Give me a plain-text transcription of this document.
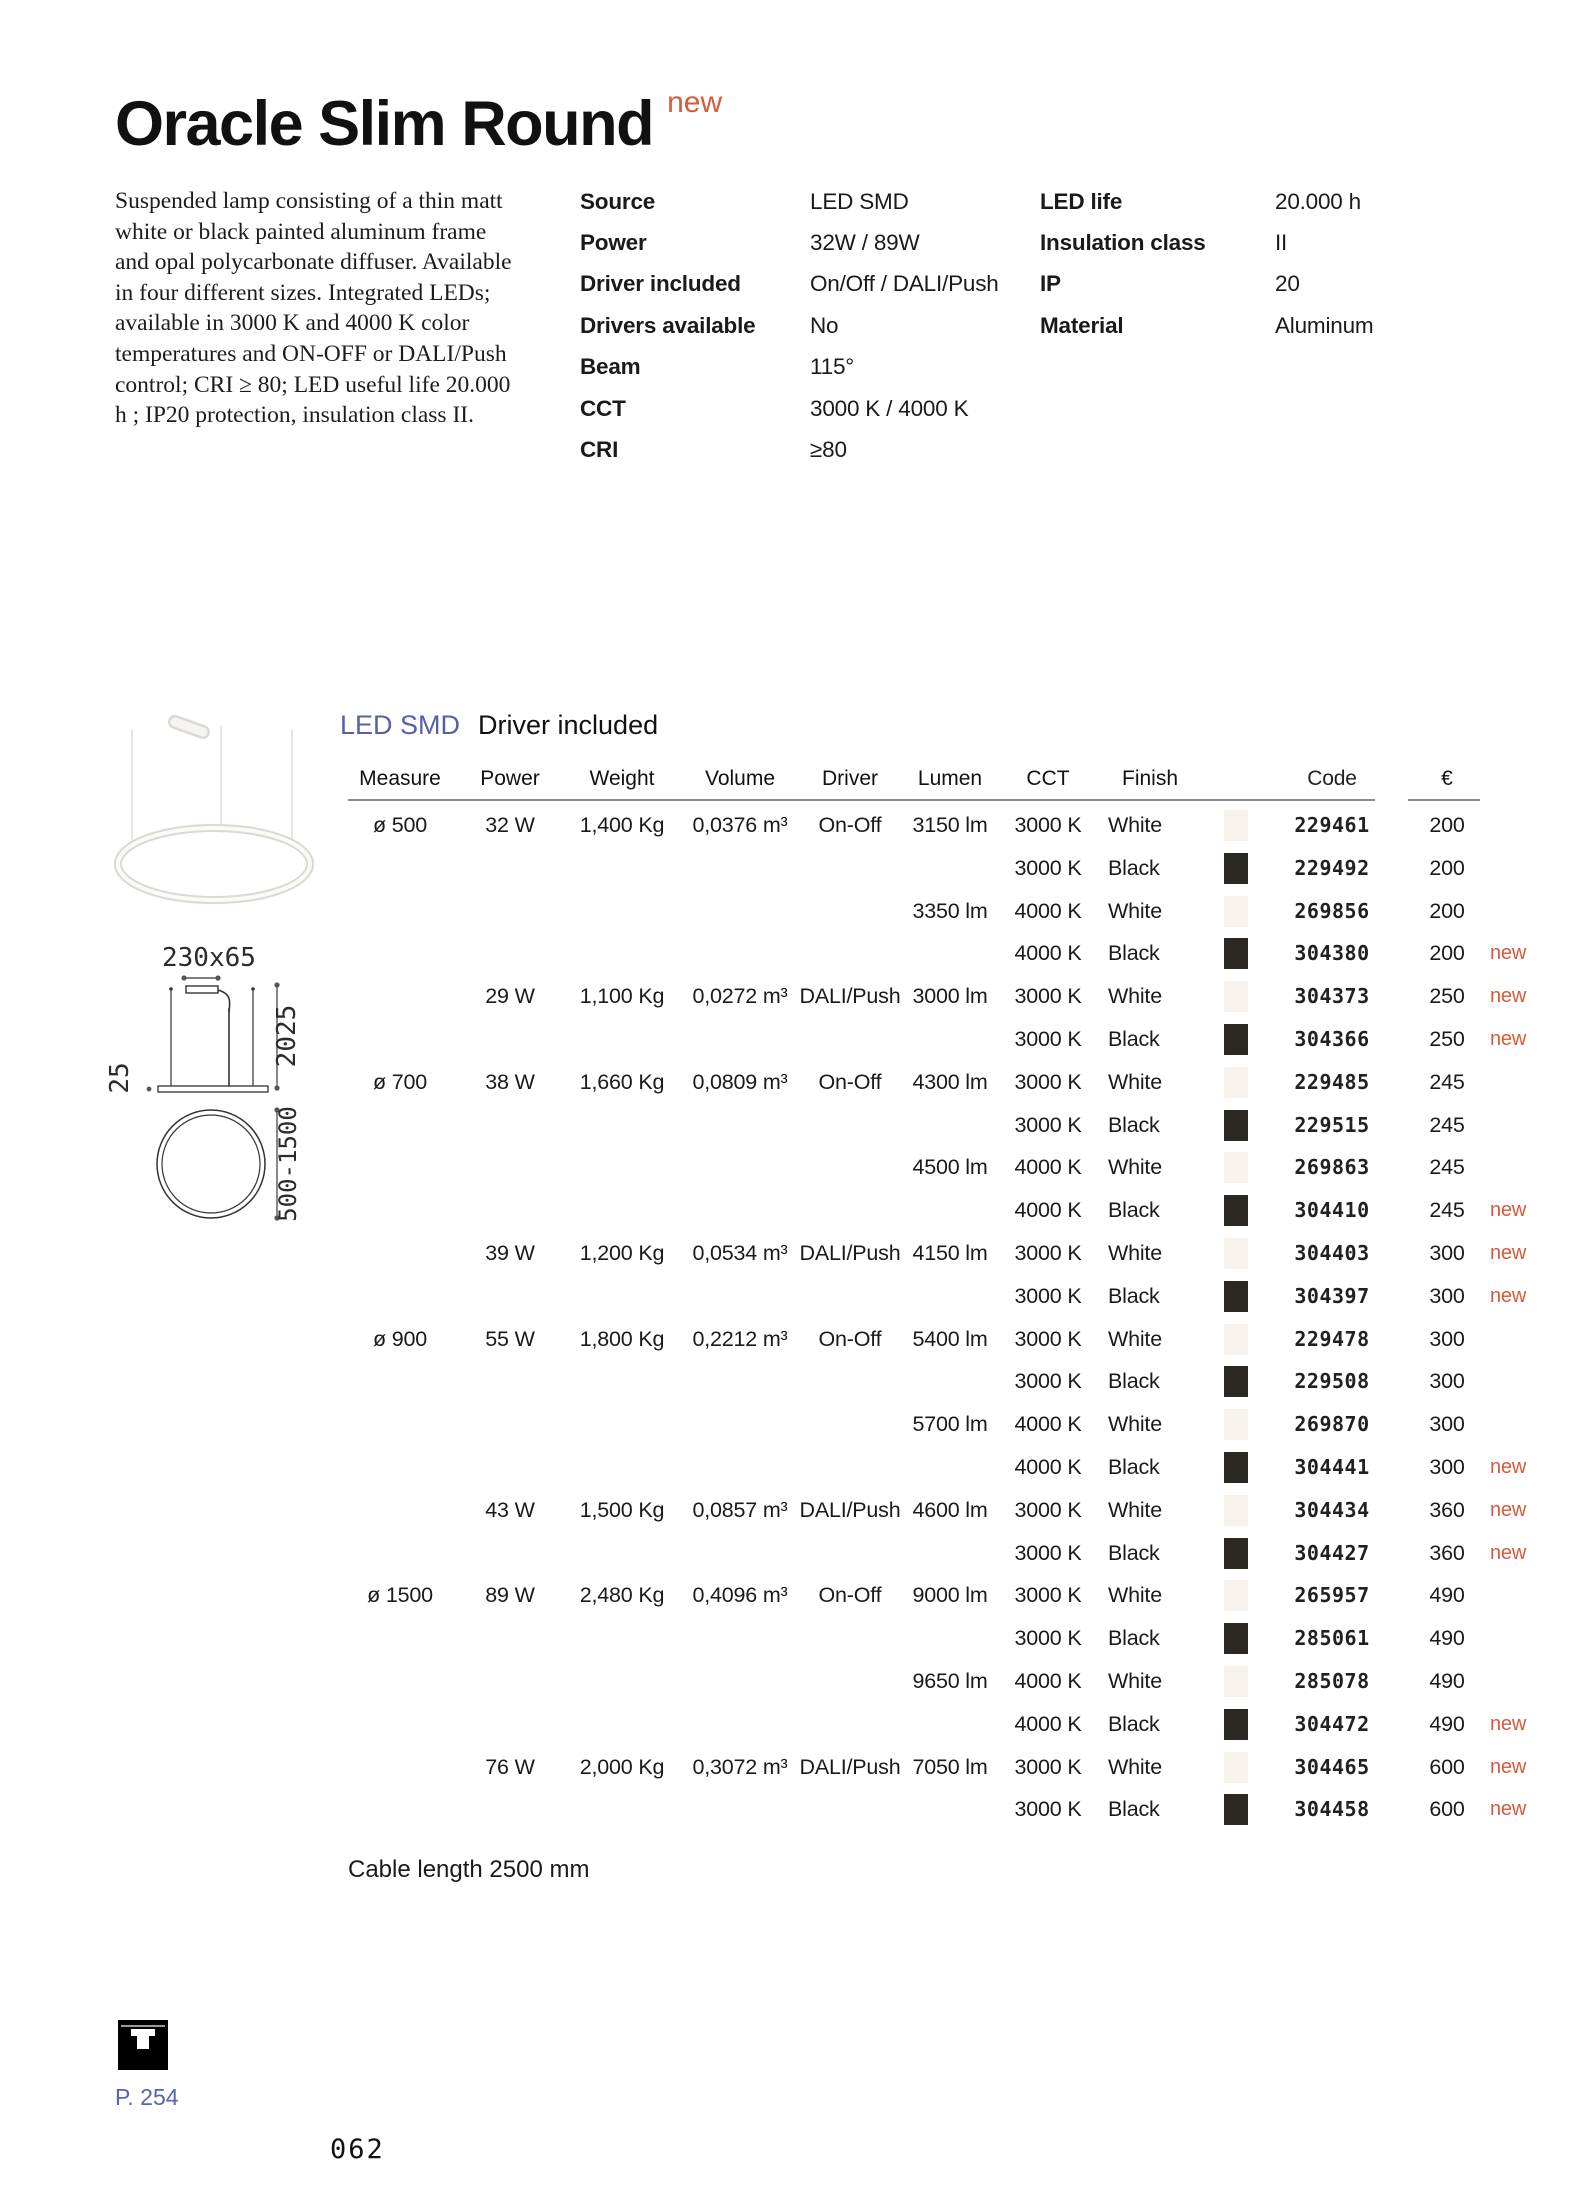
Oracle Slim Round new

Suspended lamp consisting of a thin matt white or black painted aluminum frame and opal polycarbonate diffuser. Available in four different sizes. Integrated LEDs; available in 3000 K and 4000 K color temperatures and ON-OFF or DALI/Push control; CRI ≥ 80; LED useful life 20.000 h ; IP20 protection, insulation class II.

Source	LED SMD
Power	32W / 89W
Driver included	On/Off / DALI/Push
Drivers available	No
Beam	115°
CCT	3000 K / 4000 K
CRI	≥80
LED life	20.000 h
Insulation class	II
IP	20
Material	Aluminum
230x65
2025
25
500-1500
LED SMD Driver included
Measure	Power	Weight	Volume	Driver	Lumen	CCT	Finish	Code	€
ø 500	32 W	1,400 Kg	0,0376 m³	On-Off	3150 lm	3000 K	White	229461	200
3000 K	Black	229492	200
3350 lm	4000 K	White	269856	200
4000 K	Black	304380	200	new
29 W	1,100 Kg	0,0272 m³ DALI/Push 3000 lm	3000 K	White	304373	250	new
3000 K	Black	304366	250	new
ø 700	38 W	1,660 Kg	0,0809 m³	On-Off	4300 lm	3000 K	White	229485	245
3000 K	Black	229515	245
4500 lm	4000 K	White	269863	245
4000 K	Black	304410	245	new
39 W	1,200 Kg	0,0534 m³ DALI/Push 4150 lm	3000 K	White	304403	300	new
3000 K	Black	304397	300	new
ø 900	55 W	1,800 Kg	0,2212 m³	On-Off	5400 lm	3000 K	White	229478	300
3000 K	Black	229508	300
5700 lm	4000 K	White	269870	300
4000 K	Black	304441	300	new
43 W	1,500 Kg	0,0857 m³ DALI/Push 4600 lm	3000 K	White	304434	360	new
3000 K	Black	304427	360	new
ø 1500	89 W	2,480 Kg	0,4096 m³	On-Off	9000 lm	3000 K	White	265957	490
3000 K	Black	285061	490
9650 lm	4000 K	White	285078	490
4000 K	Black	304472	490	new
76 W	2,000 Kg	0,3072 m³ DALI/Push 7050 lm	3000 K	White	304465	600	new
3000 K	Black	304458	600	new
Cable length 2500 mm
P. 254
062
